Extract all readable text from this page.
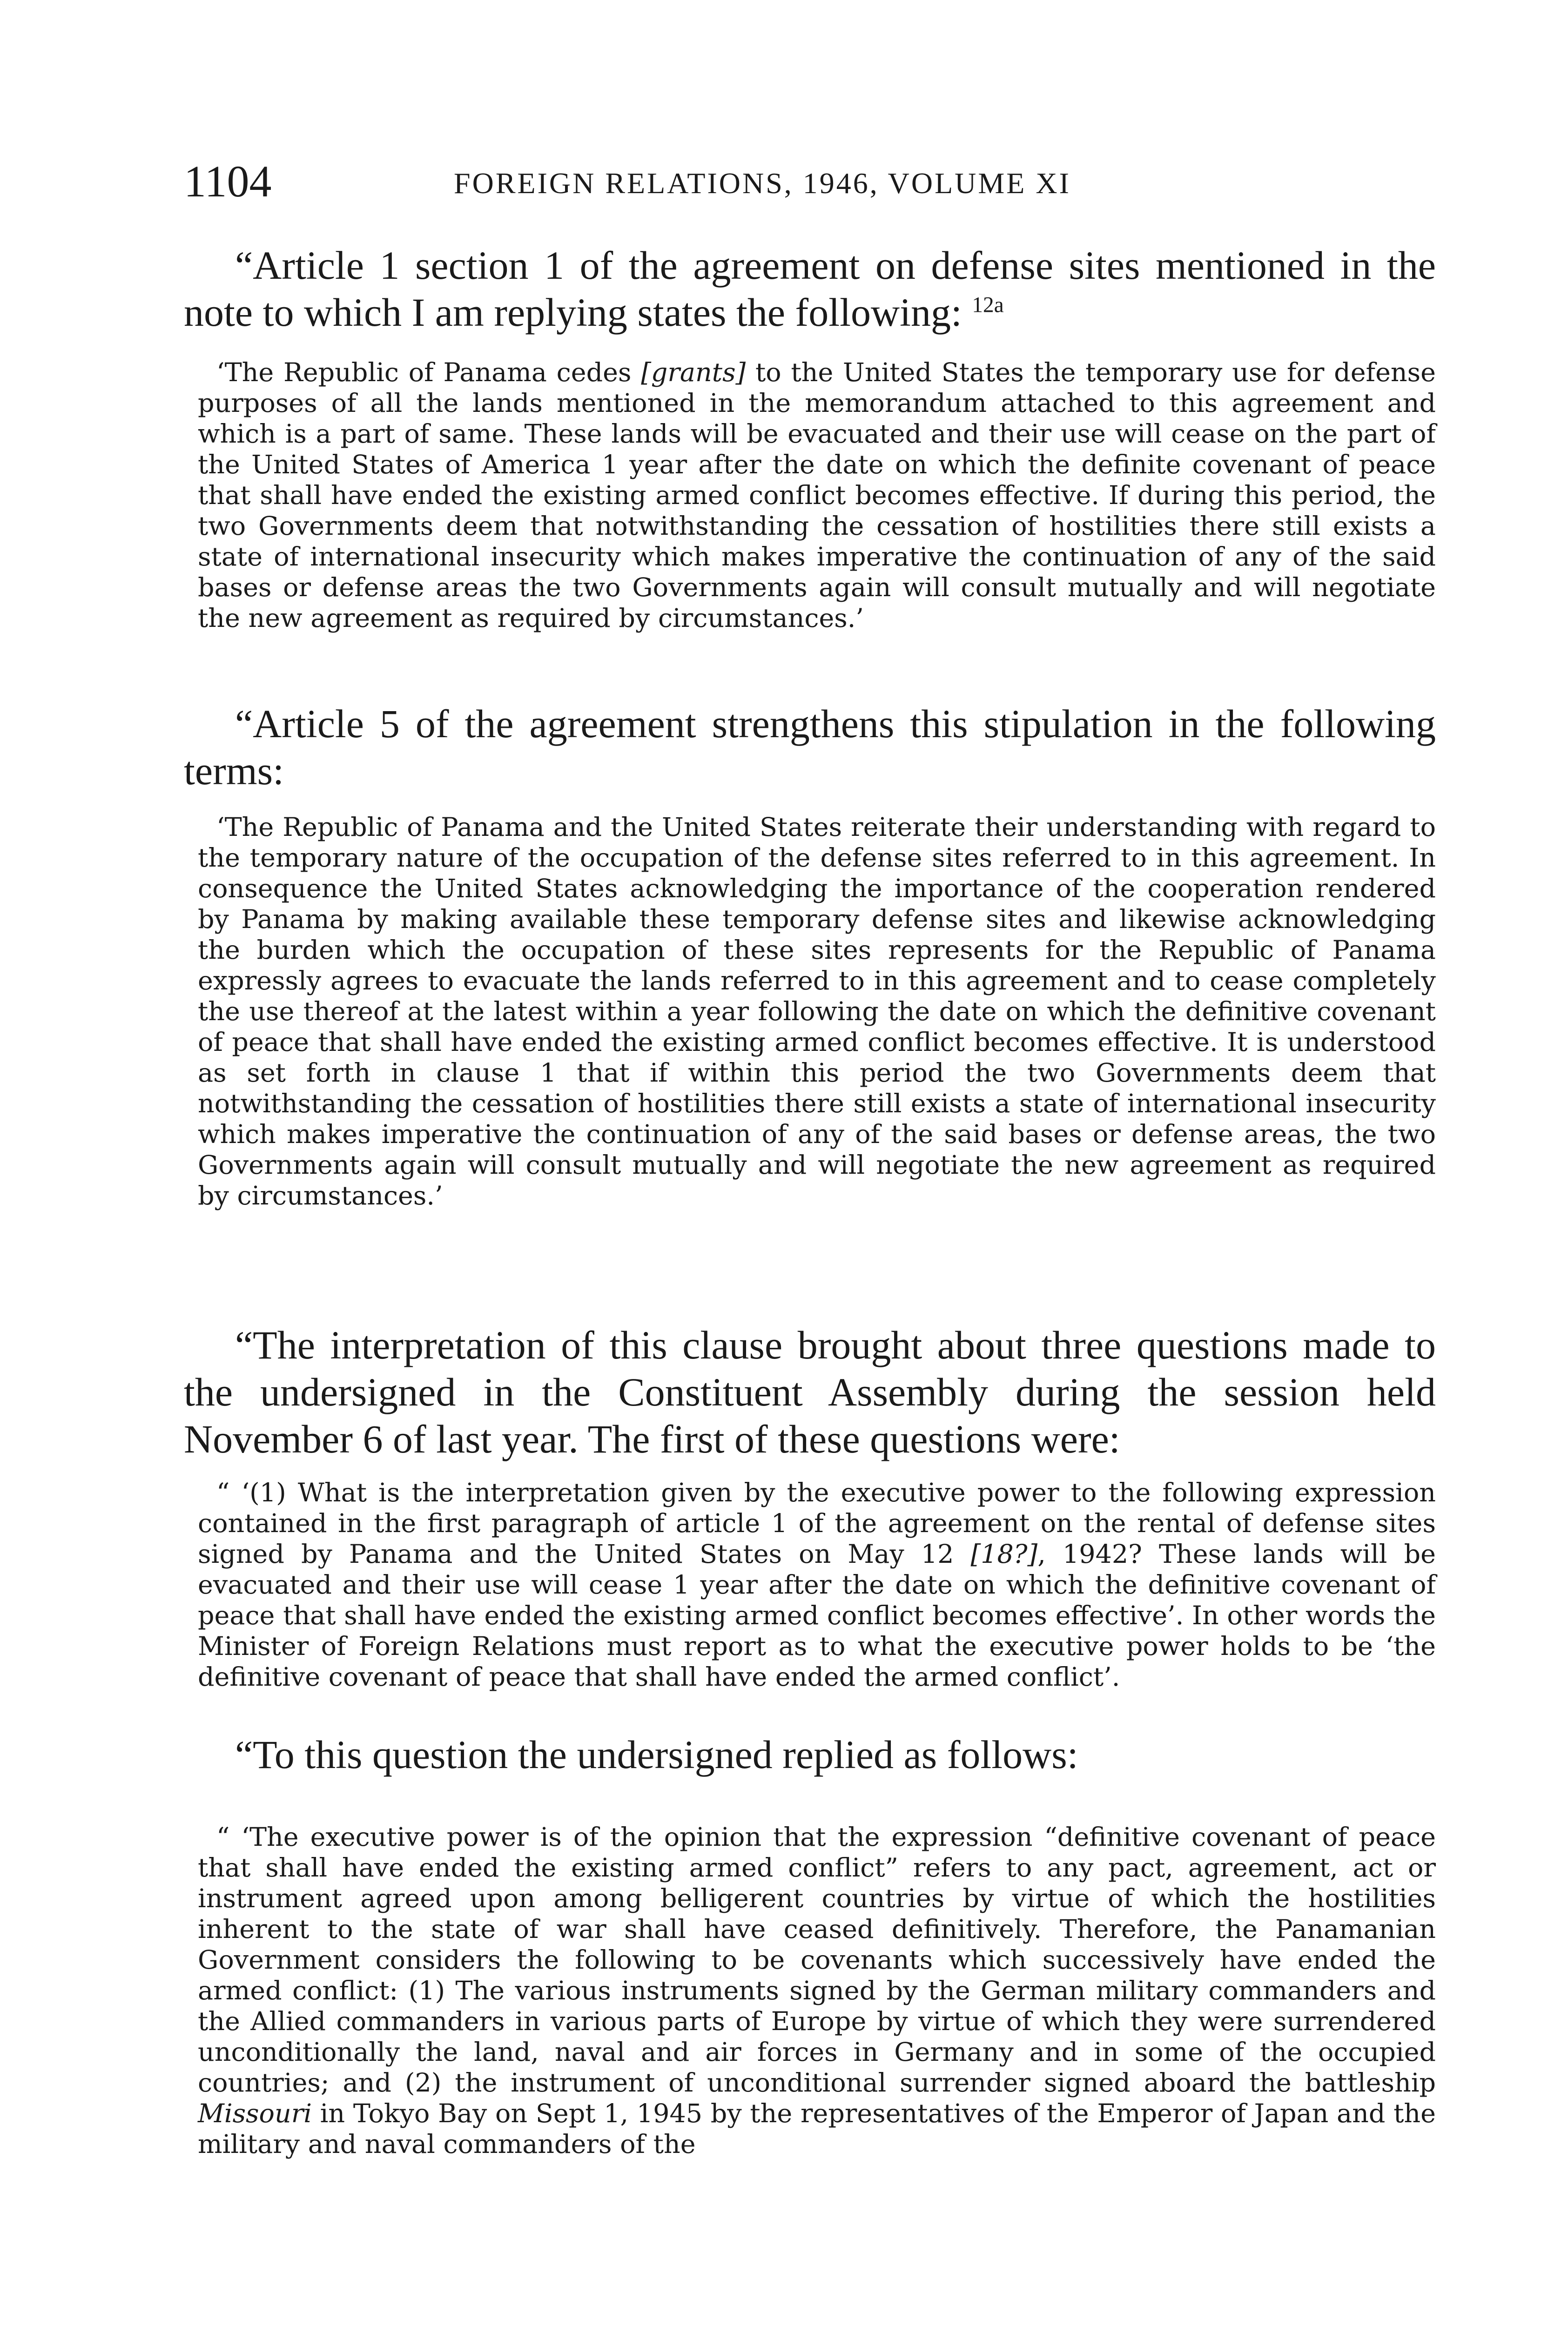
1104	FOREIGN RELATIONS, 1946, VOLUME XI

“Article 1 section 1 of the agreement on defense sites mentioned in the note to which I am replying states the following: $^{12a}$

‘The Republic of Panama cedes [grants] to the United States the temporary use for defense purposes of all the lands mentioned in the memorandum attached to this agreement and which is a part of same. These lands will be evacuated and their use will cease on the part of the United States of America 1 year after the date on which the definite covenant of peace that shall have ended the existing armed conflict becomes effective. If during this period, the two Governments deem that notwithstanding the cessation of hostilities there still exists a state of international insecurity which makes imperative the continuation of any of the said bases or defense areas the two Governments again will consult mutually and will negotiate the new agreement as required by circumstances.’

“Article 5 of the agreement strengthens this stipulation in the following terms:

‘The Republic of Panama and the United States reiterate their understanding with regard to the temporary nature of the occupation of the defense sites referred to in this agreement. In consequence the United States acknowledging the importance of the cooperation rendered by Panama by making available these temporary defense sites and likewise acknowledging the burden which the occupation of these sites represents for the Republic of Panama expressly agrees to evacuate the lands referred to in this agreement and to cease completely the use thereof at the latest within a year following the date on which the definitive covenant of peace that shall have ended the existing armed conflict becomes effective. It is understood as set forth in clause 1 that if within this period the two Governments deem that notwithstanding the cessation of hostilities there still exists a state of international insecurity which makes imperative the continuation of any of the said bases or defense areas, the two Governments again will consult mutually and will negotiate the new agreement as required by circumstances.’

“The interpretation of this clause brought about three questions made to the undersigned in the Constituent Assembly during the session held November 6 of last year. The first of these questions were:

“ ‘(1) What is the interpretation given by the executive power to the following expression contained in the first paragraph of article 1 of the agreement on the rental of defense sites signed by Panama and the United States on May 12 [18?], 1942? These lands will be evacuated and their use will cease 1 year after the date on which the definitive covenant of peace that shall have ended the existing armed conflict becomes effective’. In other words the Minister of Foreign Relations must report as to what the executive power holds to be ‘the definitive covenant of peace that shall have ended the armed conflict’.

“To this question the undersigned replied as follows:

“ ‘The executive power is of the opinion that the expression “definitive covenant of peace that shall have ended the existing armed conflict” refers to any pact, agreement, act or instrument agreed upon among belligerent countries by virtue of which the hostilities inherent to the state of war shall have ceased definitively. Therefore, the Panamanian Government considers the following to be covenants which successively have ended the armed conflict: (1) The various instruments signed by the German military commanders and the Allied commanders in various parts of Europe by virtue of which they were surrendered unconditionally the land, naval and air forces in Germany and in some of the occupied countries; and (2) the instrument of unconditional surrender signed aboard the battleship Missouri in Tokyo Bay on Sept 1, 1945 by the representatives of the Emperor of Japan and the military and naval commanders of the
